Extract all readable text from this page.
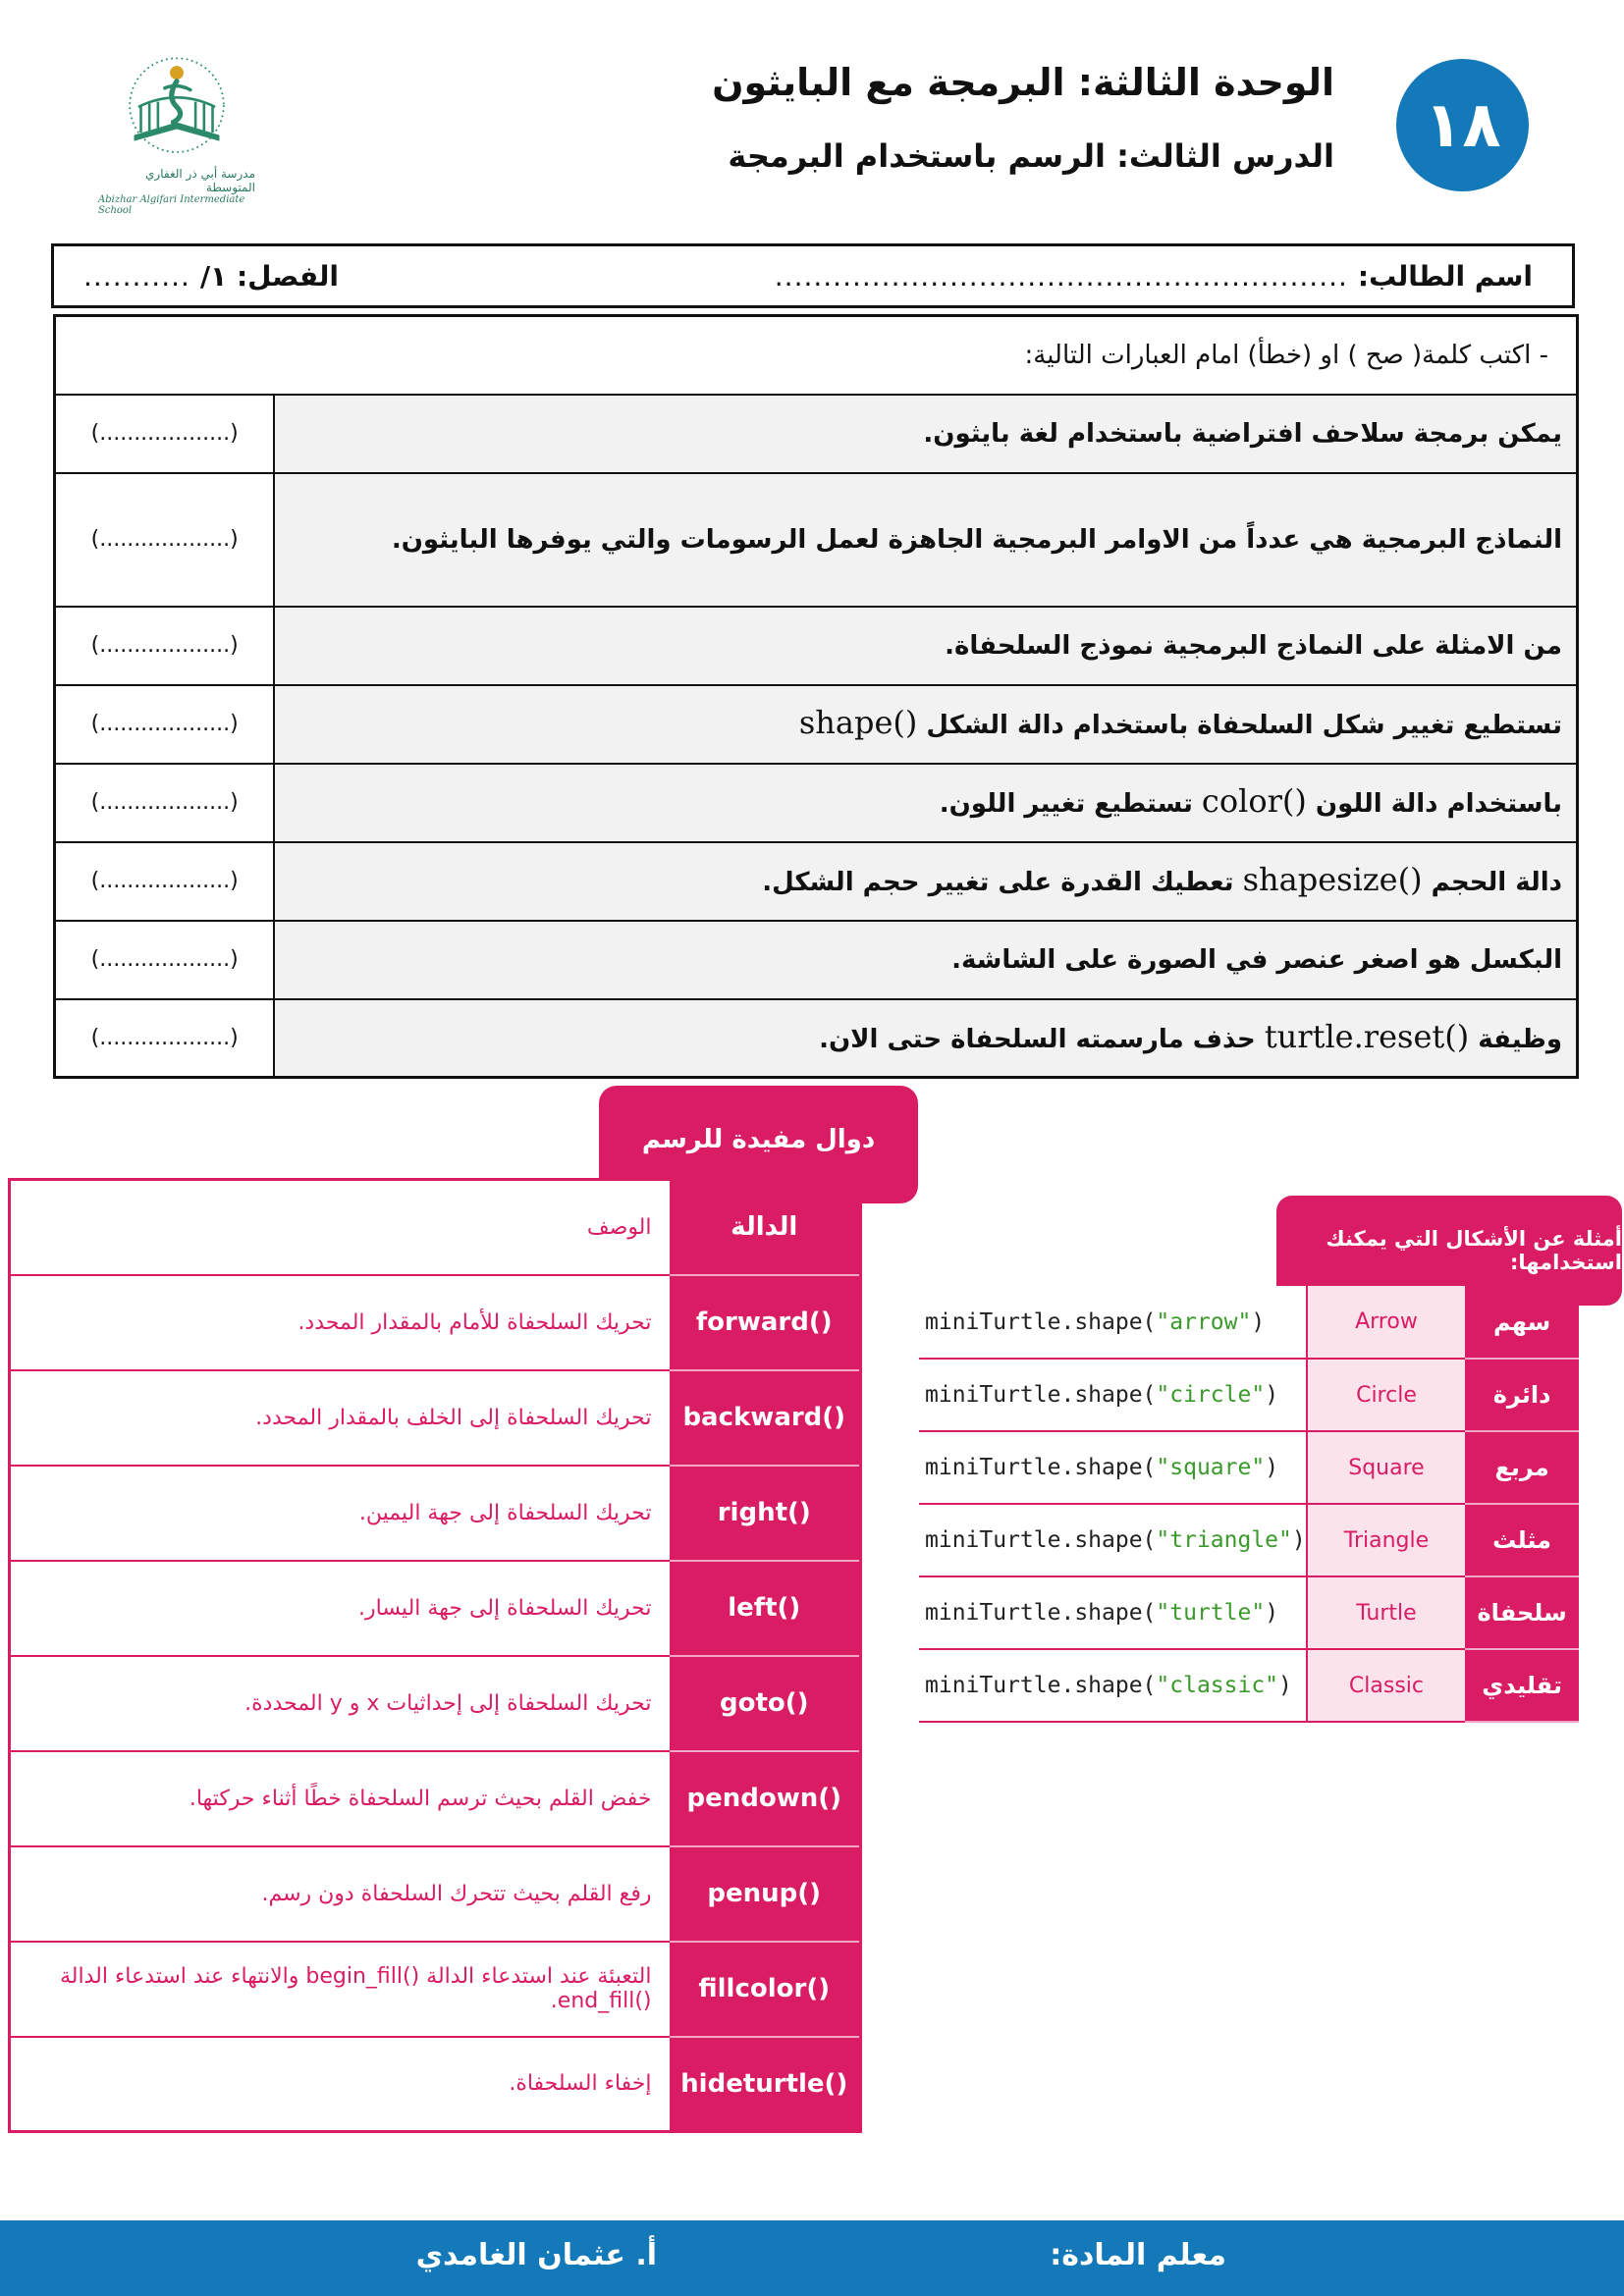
١٨
الوحدة الثالثة: البرمجة مع البايثون
الدرس الثالث: الرسم باستخدام البرمجة
مدرسة أبي ذر الغفاري المتوسطة
Abizhar Algifari Intermediate School
اسم الطالب:
...........................................................
الفصل: ١/
...........
- اكتب كلمة( صح ) او (خطأ) امام العبارات التالية:	
يمكن برمجة سلاحف افتراضية باستخدام لغة بايثون.	(...................)
النماذج البرمجية هي عدداً من الاوامر البرمجية الجاهزة لعمل الرسومات والتي يوفرها البايثون.	(...................)
من الامثلة على النماذج البرمجية نموذج السلحفاة.	(...................)
تستطيع تغيير شكل السلحفاة باستخدام دالة الشكل shape()	(...................)
باستخدام دالة اللون color() تستطيع تغيير اللون.	(...................)
دالة الحجم shapesize() تعطيك القدرة على تغيير حجم الشكل.	(...................)
البكسل هو اصغر عنصر في الصورة على الشاشة.	(...................)
وظيفة turtle.reset() حذف مارسمته السلحفاة حتى الان.	(...................)
دوال مفيدة للرسم
الدالة	الوصف
forward()	تحريك السلحفاة للأمام بالمقدار المحدد.
backward()	تحريك السلحفاة إلى الخلف بالمقدار المحدد.
right()	تحريك السلحفاة إلى جهة اليمين.
left()	تحريك السلحفاة إلى جهة اليسار.
goto()	تحريك السلحفاة إلى إحداثيات x و y المحددة.
pendown()	خفض القلم بحيث ترسم السلحفاة خطًا أثناء حركتها.
penup()	رفع القلم بحيث تتحرك السلحفاة دون رسم.
fillcolor()	التعبئة عند استدعاء الدالة ()begin_fill والانتهاء عند استدعاء الدالة ()end_fill.
hideturtle()	إخفاء السلحفاة.
أمثلة عن الأشكال التي يمكنك استخدامها:
سهم	Arrow	miniTurtle.shape("arrow")
دائرة	Circle	miniTurtle.shape("circle")
مربع	Square	miniTurtle.shape("square")
مثلث	Triangle	miniTurtle.shape("triangle")
سلحفاة	Turtle	miniTurtle.shape("turtle")
تقليدي	Classic	miniTurtle.shape("classic")
معلم المادة:
أ. عثمان الغامدي
